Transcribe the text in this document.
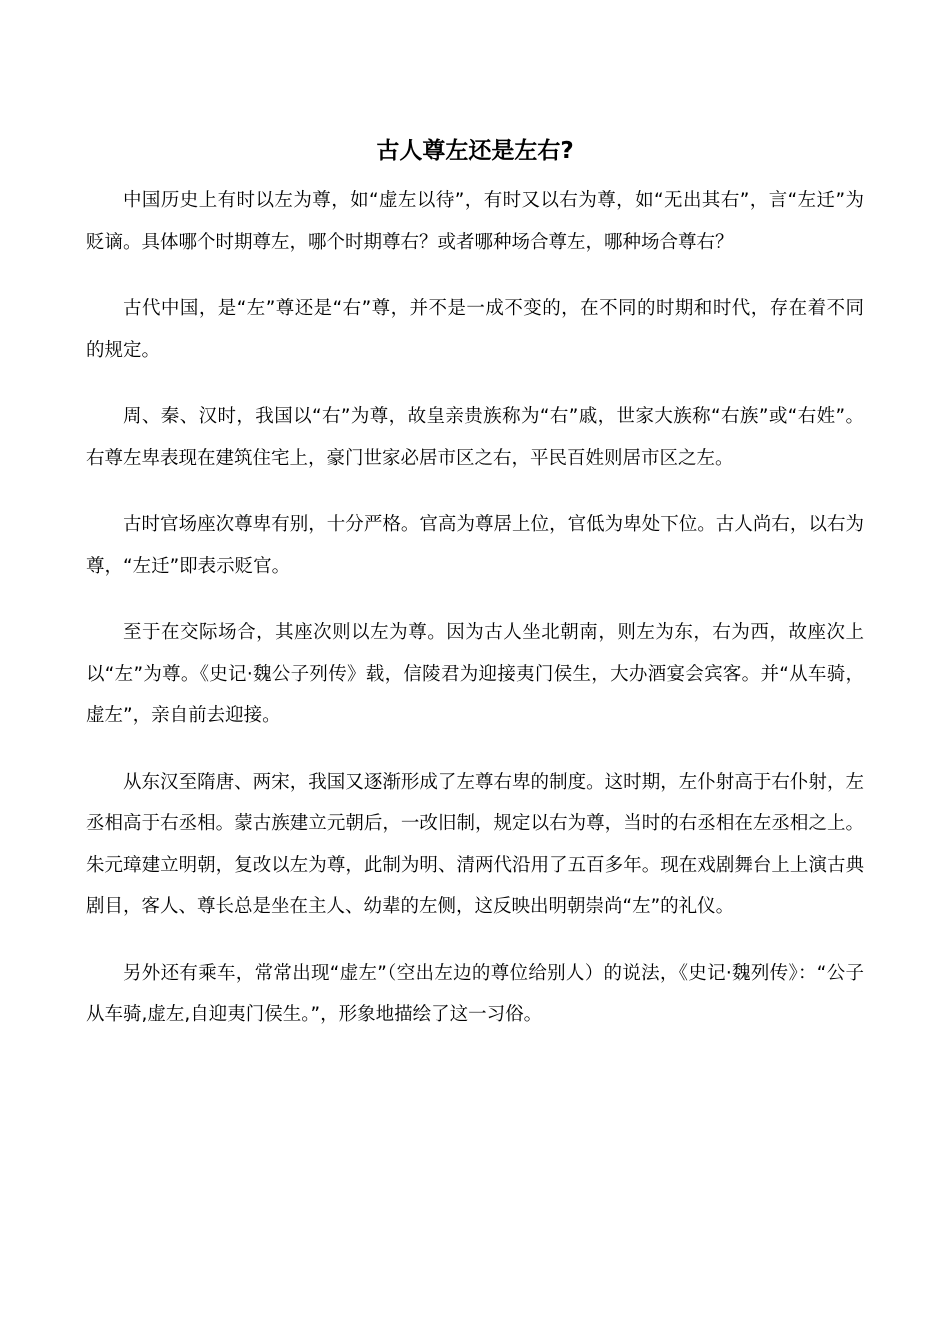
古人尊左还是左右?

中国历史上有时以左为尊，如“虚左以待”，有时又以右为尊，如“无出其右”，言“左迁”为贬谪。具体哪个时期尊左，哪个时期尊右？或者哪种场合尊左，哪种场合尊右？

古代中国，是“左”尊还是“右”尊，并不是一成不变的，在不同的时期和时代，存在着不同的规定。

周、秦、汉时，我国以“右”为尊，故皇亲贵族称为“右”戚，世家大族称“右族”或“右姓”。右尊左卑表现在建筑住宅上，豪门世家必居市区之右，平民百姓则居市区之左。

古时官场座次尊卑有别，十分严格。官高为尊居上位，官低为卑处下位。古人尚右，以右为尊，“左迁”即表示贬官。

至于在交际场合，其座次则以左为尊。因为古人坐北朝南，则左为东，右为西，故座次上以“左”为尊。《史记·魏公子列传》载，信陵君为迎接夷门侯生，大办酒宴会宾客。并“从车骑，虚左”，亲自前去迎接。

从东汉至隋唐、两宋，我国又逐渐形成了左尊右卑的制度。这时期，左仆射高于右仆射，左丞相高于右丞相。蒙古族建立元朝后，一改旧制，规定以右为尊，当时的右丞相在左丞相之上。朱元璋建立明朝，复改以左为尊，此制为明、清两代沿用了五百多年。现在戏剧舞台上上演古典剧目，客人、尊长总是坐在主人、幼辈的左侧，这反映出明朝崇尚“左”的礼仪。

另外还有乘车，常常出现“虚左”（空出左边的尊位给别人）的说法，《史记·魏列传》：“公子从车骑,虚左,自迎夷门侯生。”，形象地描绘了这一习俗。
